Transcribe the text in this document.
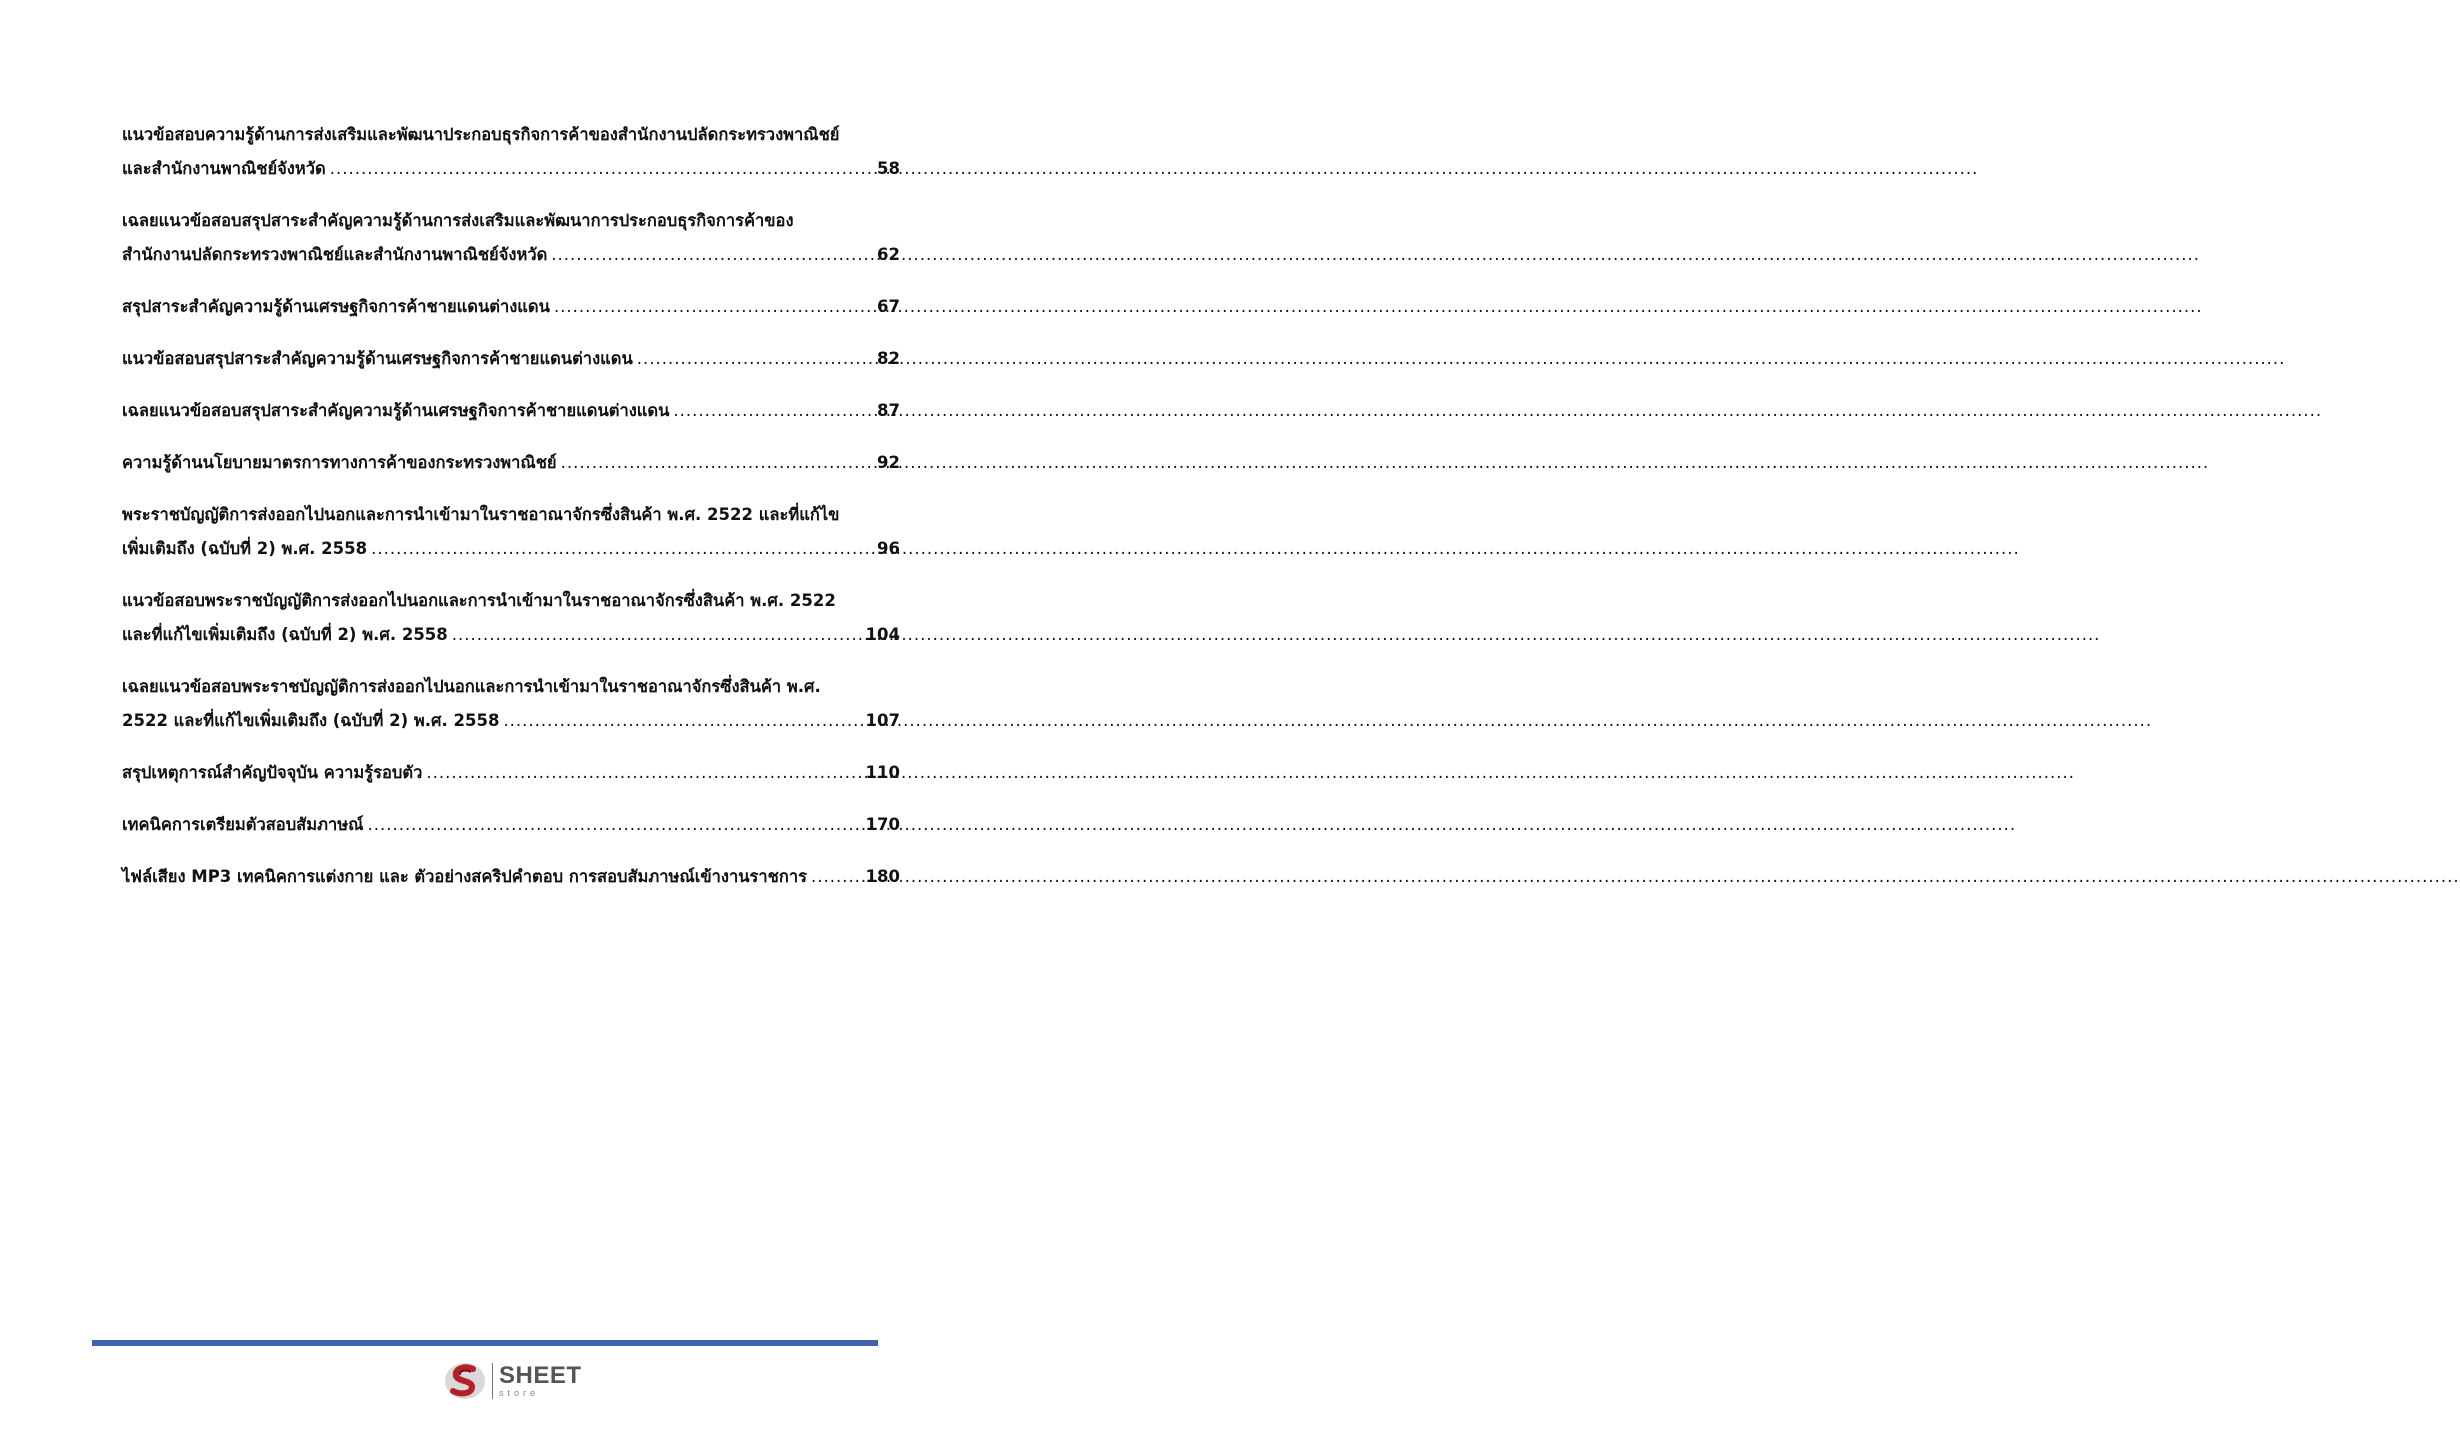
แนวข้อสอบความรู้ด้านการส่งเสริมและพัฒนาประกอบธุรกิจการค้าของสำนักงานปลัดกระทรวงพาณิชย์
และสำนักงานพาณิชย์จังหวัด .....	58
เฉลยแนวข้อสอบสรุปสาระสำคัญความรู้ด้านการส่งเสริมและพัฒนาการประกอบธุรกิจการค้าของ
สำนักงานปลัดกระทรวงพาณิชย์และสำนักงานพาณิชย์จังหวัด .....	62
สรุปสาระสำคัญความรู้ด้านเศรษฐกิจการค้าชายแดนต่างแดน .....	67
แนวข้อสอบสรุปสาระสำคัญความรู้ด้านเศรษฐกิจการค้าชายแดนต่างแดน .....	82
เฉลยแนวข้อสอบสรุปสาระสำคัญความรู้ด้านเศรษฐกิจการค้าชายแดนต่างแดน .....	87
ความรู้ด้านนโยบายมาตรการทางการค้าของกระทรวงพาณิชย์ .....	92
พระราชบัญญัติการส่งออกไปนอกและการนำเข้ามาในราชอาณาจักรซึ่งสินค้า พ.ศ. 2522 และที่แก้ไข
เพิ่มเติมถึง (ฉบับที่ 2) พ.ศ. 2558 .....	96
แนวข้อสอบพระราชบัญญัติการส่งออกไปนอกและการนำเข้ามาในราชอาณาจักรซึ่งสินค้า พ.ศ. 2522
และที่แก้ไขเพิ่มเติมถึง (ฉบับที่ 2) พ.ศ. 2558 .....	104
เฉลยแนวข้อสอบพระราชบัญญัติการส่งออกไปนอกและการนำเข้ามาในราชอาณาจักรซึ่งสินค้า พ.ศ.
2522 และที่แก้ไขเพิ่มเติมถึง (ฉบับที่ 2) พ.ศ. 2558 .....	107
สรุปเหตุการณ์สำคัญปัจจุบัน ความรู้รอบตัว .....	110
เทคนิคการเตรียมตัวสอบสัมภาษณ์ .....	170
ไฟล์เสียง MP3 เทคนิคการแต่งกาย และ ตัวอย่างสคริปคำตอบ การสอบสัมภาษณ์เข้างานราชการ .....	180
SHEET
store
